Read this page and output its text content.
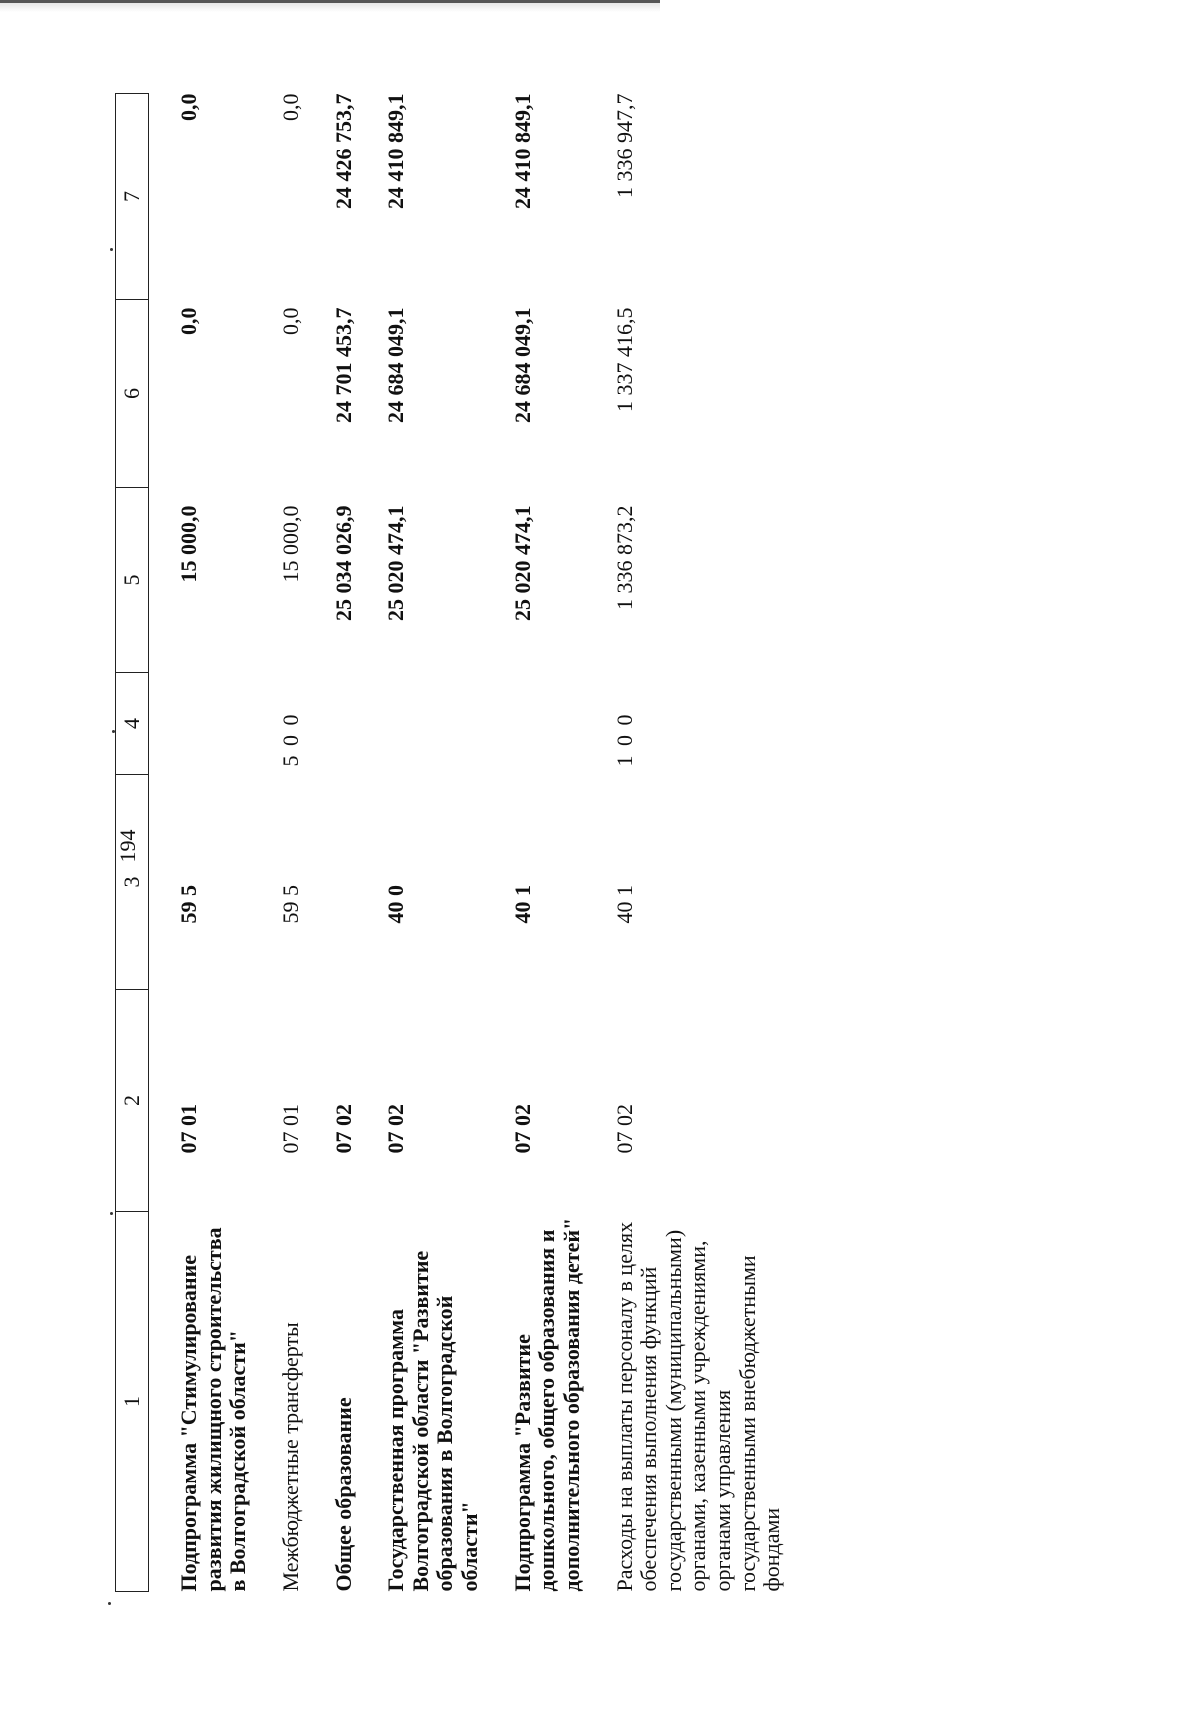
194
1	2	3	4	5	6	7
Подпрограмма "Стимулирование развития жилищного строительства в Волгоградской области"	07 01	59 5		15 000,0	0,0	0,0
Межбюджетные трансферты	07 01	59 5	5 0 0	15 000,0	0,0	0,0
Общее образование	07 02			25 034 026,9	24 701 453,7	24 426 753,7
Государственная программа Волгоградской области "Развитие образования в Волгоградской области"	07 02	40 0		25 020 474,1	24 684 049,1	24 410 849,1
Подпрограмма "Развитие дошкольного, общего образования и дополнительного образования детей"	07 02	40 1		25 020 474,1	24 684 049,1	24 410 849,1
Расходы на выплаты персоналу в целях обеспечения выполнения функций государственными (муниципальными) органами, казенными учреждениями, органами управления государственными внебюджетными фондами	07 02	40 1	1 0 0	1 336 873,2	1 337 416,5	1 336 947,7
